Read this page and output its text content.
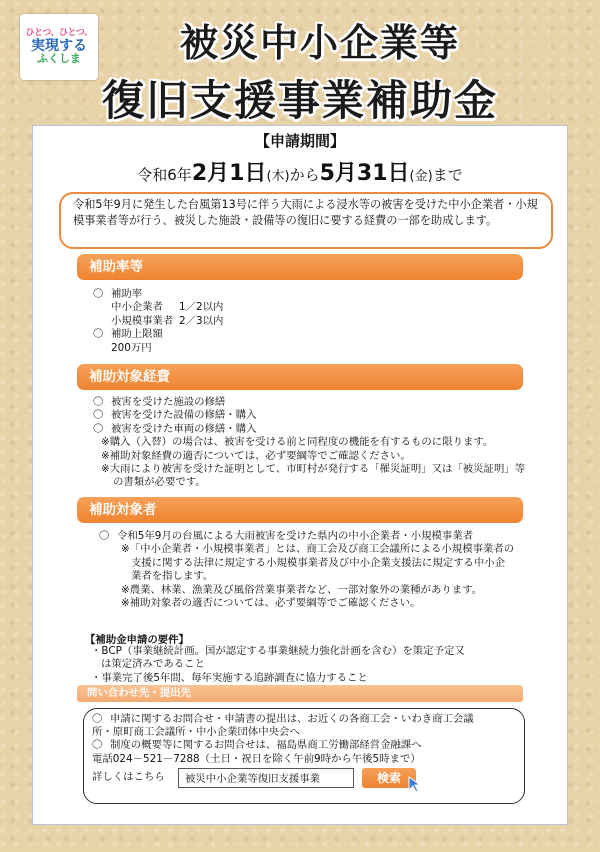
ひとつ、ひとつ、
実現する
ふくしま	被災中小企業等
復旧支援事業補助金
【申請期間】
令和6年2月1日(木)から5月31日(金)まで
令和5年9月に発生した台風第13号に伴う大雨による浸水等の被害を受けた中小企業者・小規模事業者等が行う、被災した施設・設備等の復旧に要する経費の一部を助成します。
補助率等
〇 補助率
中小企業者 1／2以内
小規模事業者 2／3以内
〇 補助上限額
200万円
補助対象経費
〇 被害を受けた施設の修繕
〇 被害を受けた設備の修繕・購入
〇 被害を受けた車両の修繕・購入
※購入（入替）の場合は、被害を受ける前と同程度の機能を有するものに限ります。
※補助対象経費の適否については、必ず要綱等でご確認ください。
※大雨により被害を受けた証明として、市町村が発行する「罹災証明」又は「被災証明」等
の書類が必要です。
補助対象者
〇 令和5年9月の台風による大雨被害を受けた県内の中小企業者・小規模事業者
※「中小企業者・小規模事業者」とは、商工会及び商工会議所による小規模事業者の
支援に関する法律に規定する小規模事業者及び中小企業支援法に規定する中小企
業者を指します。
※農業、林業、漁業及び風俗営業事業者など、一部対象外の業種があります。
※補助対象者の適否については、必ず要綱等でご確認ください。
【補助金申請の要件】
・BCP（事業継続計画。国が認定する事業継続力強化計画を含む）を策定予定又
は策定済みであること
・事業完了後5年間、毎年実施する追跡調査に協力すること
問い合わせ先・提出先
〇 申請に関するお問合せ・申請書の提出は、お近くの各商工会・いわき商工会議
所・原町商工会議所・中小企業団体中央会へ
〇 制度の概要等に関するお問合せは、福島県商工労働部経営金融課へ
電話024－521－7288（土日・祝日を除く午前9時から午後5時まで）
詳しくはこちら
被災中小企業等復旧支援事業	検索
